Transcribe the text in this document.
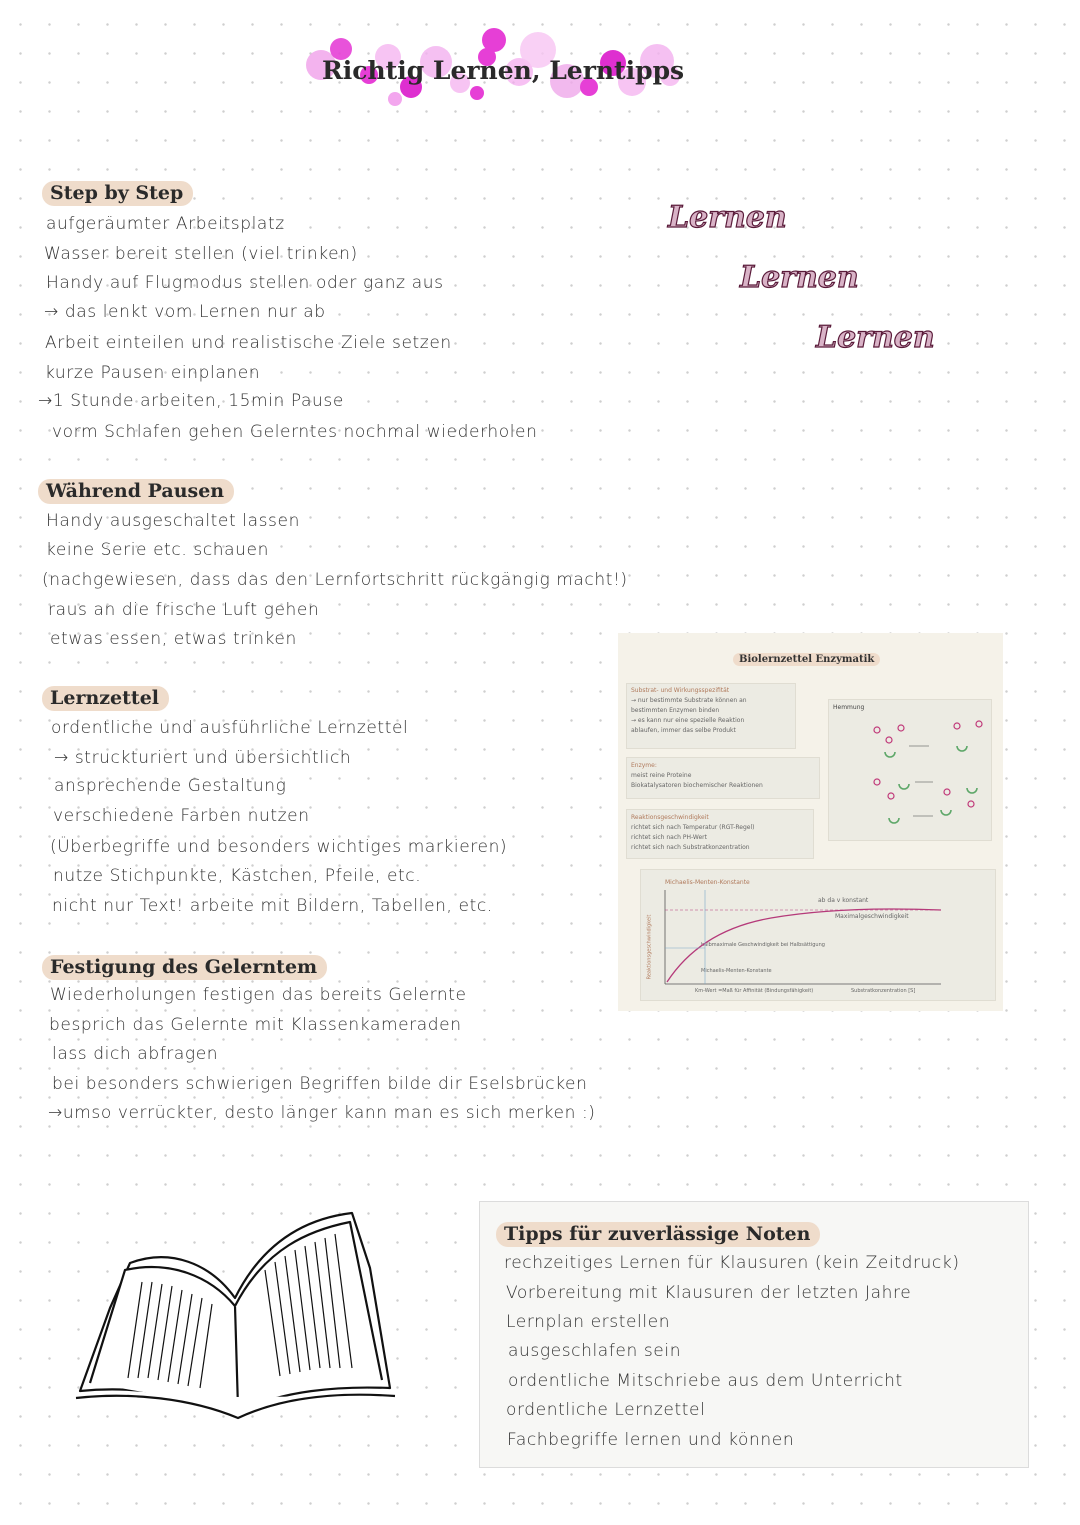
Richtig Lernen, Lerntipps
Lernen
Lernen
Lernen
Step by Step
aufgeräumter Arbeitsplatz
Wasser bereit stellen (viel trinken)
Handy auf Flugmodus stellen oder ganz aus
→ das lenkt vom Lernen nur ab
Arbeit einteilen und realistische Ziele setzen
kurze Pausen einplanen
→1 Stunde arbeiten, 15min Pause
vorm Schlafen gehen Gelerntes nochmal wiederholen
Während Pausen
Handy ausgeschaltet lassen
keine Serie etc. schauen
(nachgewiesen, dass das den Lernfortschritt rückgängig macht!)
raus an die frische Luft gehen
etwas essen, etwas trinken
Lernzettel
ordentliche und ausführliche Lernzettel
→ struckturiert und übersichtlich
ansprechende Gestaltung
verschiedene Farben nutzen
(Überbegriffe und besonders wichtiges markieren)
nutze Stichpunkte, Kästchen, Pfeile, etc.
nicht nur Text! arbeite mit Bildern, Tabellen, etc.
Festigung des Gelerntem
Wiederholungen festigen das bereits Gelernte
besprich das Gelernte mit Klassenkameraden
lass dich abfragen
bei besonders schwierigen Begriffen bilde dir Eselsbrücken
→umso verrückter, desto länger kann man es sich merken :)
Biolernzettel Enzymatik
Substrat- und Wirkungsspezifität
→ nur bestimmte Substrate können an
bestimmten Enzymen binden
→ es kann nur eine spezielle Reaktion
ablaufen, immer das selbe Produkt
Enzyme:
meist reine Proteine
Biokatalysatoren biochemischer Reaktionen
Reaktionsgeschwindigkeit
richtet sich nach Temperatur (RGT-Regel)
richtet sich nach PH-Wert
richtet sich nach Substratkonzentration
Hemmung
Michaelis-Menten-Konstante
ab da v konstant
Maximalgeschwindigkeit
halbmaximale Geschwindigkeit bei Halbsättigung
Michaelis-Menten-Konstante
Km-Wert =Maß für Affinität (Bindungsfähigkeit)	Substratkonzentration [S]
Reaktionsgeschwindigkeit
Tipps für zuverlässige Noten
rechzeitiges Lernen für Klausuren (kein Zeitdruck)
Vorbereitung mit Klausuren der letzten Jahre
Lernplan erstellen
ausgeschlafen sein
ordentliche Mitschriebe aus dem Unterricht
ordentliche Lernzettel
Fachbegriffe lernen und können
